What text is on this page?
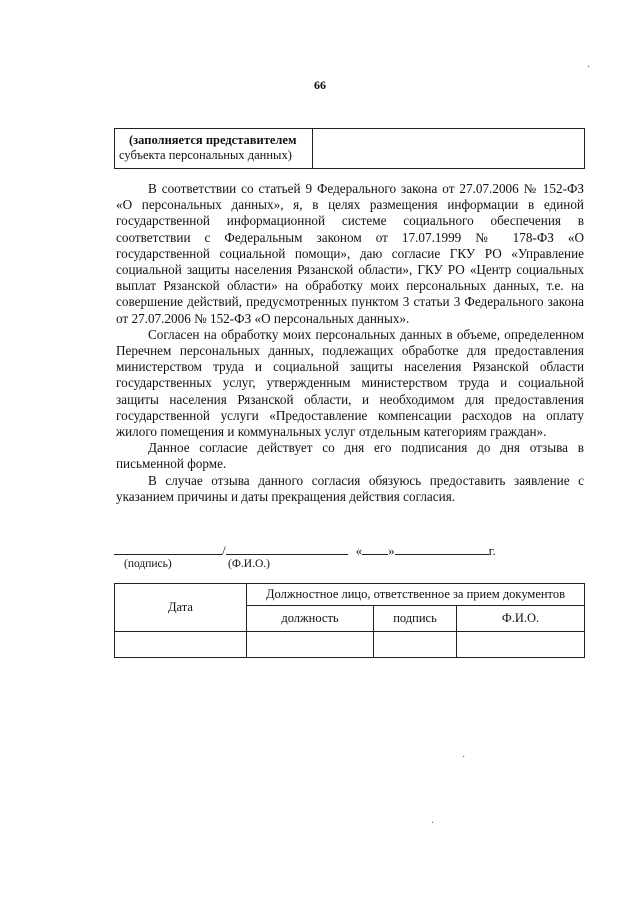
66
(заполняется представителем
субъекта персональных данных)

В соответствии со статьей 9 Федерального закона от 27.07.2006 № 152-ФЗ «О персональных данных», я, в целях размещения информации в единой государственной информационной системе социального обеспечения в соответствии с Федеральным законом от 17.07.1999 № 178-ФЗ «О государственной социальной помощи», даю согласие ГКУ РО «Управление социальной защиты населения Рязанской области», ГКУ РО «Центр социальных выплат Рязанской области» на обработку моих персональных данных, т.е. на совершение действий, предусмотренных пунктом 3 статьи 3 Федерального закона от 27.07.2006 № 152-ФЗ «О персональных данных».

Согласен на обработку моих персональных данных в объеме, определенном Перечнем персональных данных, подлежащих обработке для предоставления министерством труда и социальной защиты населения Рязанской области государственных услуг, утвержденным министерством труда и социальной защиты населения Рязанской области, и необходимом для предоставления государственной услуги «Предоставление компенсации расходов на оплату жилого помещения и коммунальных услуг отдельным категориям граждан».

Данное согласие действует со дня его подписания до дня отзыва в письменной форме.

В случае отзыва данного согласия обязуюсь предоставить заявление с указанием причины и даты прекращения действия согласия.

/	« »	г.
(подпись)	(Ф.И.О.)
Дата	Должностное лицо, ответственное за прием документов		
	должность	подпись	Ф.И.О.

·
·
·
